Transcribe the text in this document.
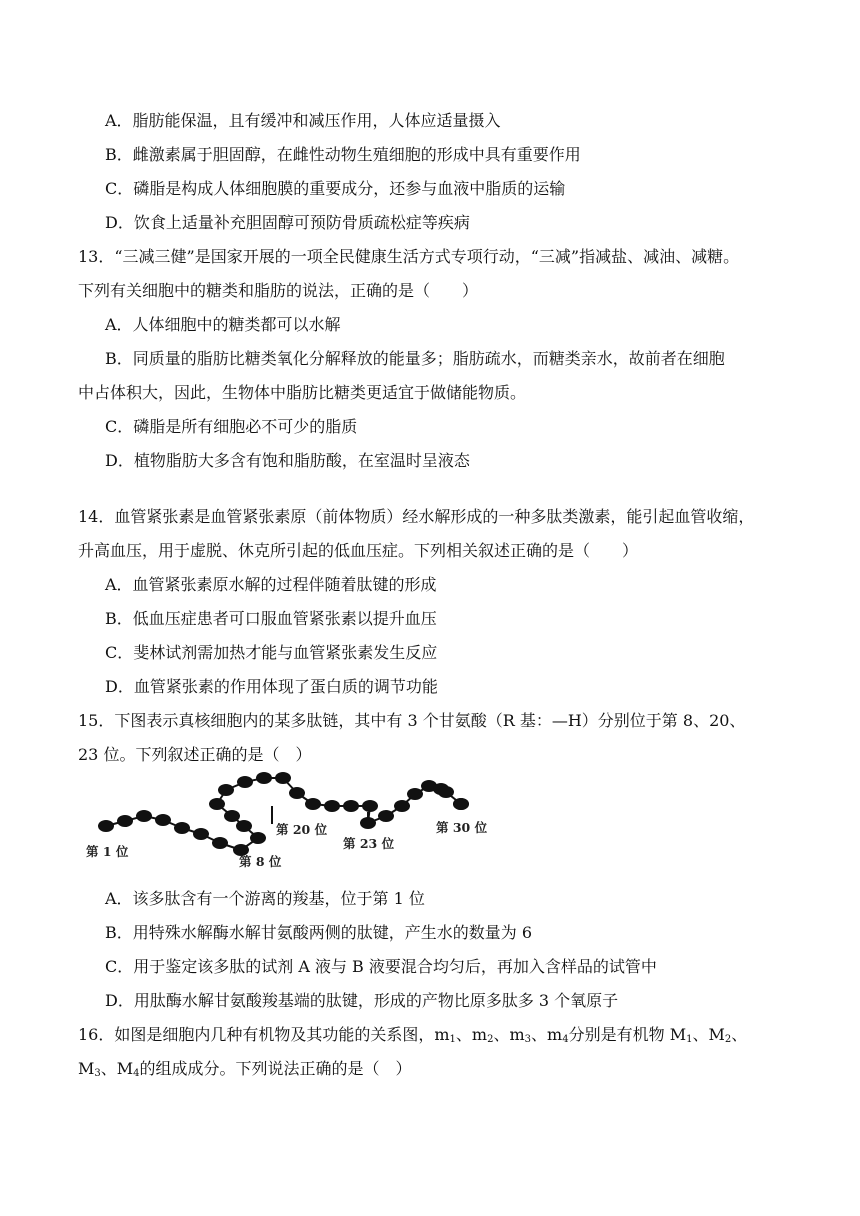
A．脂肪能保温，且有缓冲和减压作用，人体应适量摄入
B．雌激素属于胆固醇，在雌性动物生殖细胞的形成中具有重要作用
C．磷脂是构成人体细胞膜的重要成分，还参与血液中脂质的运输
D．饮食上适量补充胆固醇可预防骨质疏松症等疾病
13．“三减三健”是国家开展的一项全民健康生活方式专项行动，“三减”指减盐、减油、减糖。
下列有关细胞中的糖类和脂肪的说法，正确的是（　　）
A．人体细胞中的糖类都可以水解
B．同质量的脂肪比糖类氧化分解释放的能量多；脂肪疏水，而糖类亲水，故前者在细胞
中占体积大，因此，生物体中脂肪比糖类更适宜于做储能物质。
C．磷脂是所有细胞必不可少的脂质
D．植物脂肪大多含有饱和脂肪酸，在室温时呈液态
14．血管紧张素是血管紧张素原（前体物质）经水解形成的一种多肽类激素，能引起血管收缩，
升高血压，用于虚脱、休克所引起的低血压症。下列相关叙述正确的是（　　）
A．血管紧张素原水解的过程伴随着肽键的形成
B．低血压症患者可口服血管紧张素以提升血压
C．斐林试剂需加热才能与血管紧张素发生反应
D．血管紧张素的作用体现了蛋白质的调节功能
15．下图表示真核细胞内的某多肽链，其中有 3 个甘氨酸（R 基：—H）分别位于第 8、20、
23 位。下列叙述正确的是（　）
第 1 位
第 8 位
第 20 位
第 23 位
第 30 位
A．该多肽含有一个游离的羧基，位于第 1 位
B．用特殊水解酶水解甘氨酸两侧的肽键，产生水的数量为 6
C．用于鉴定该多肽的试剂 A 液与 B 液要混合均匀后，再加入含样品的试管中
D．用肽酶水解甘氨酸羧基端的肽键，形成的产物比原多肽多 3 个氧原子
16．如图是细胞内几种有机物及其功能的关系图，$m_1$、$m_2$、$m_3$、$m_4$分别是有机物 $M_1$、$M_2$、
$M_3$、$M_4$的组成成分。下列说法正确的是（　）
